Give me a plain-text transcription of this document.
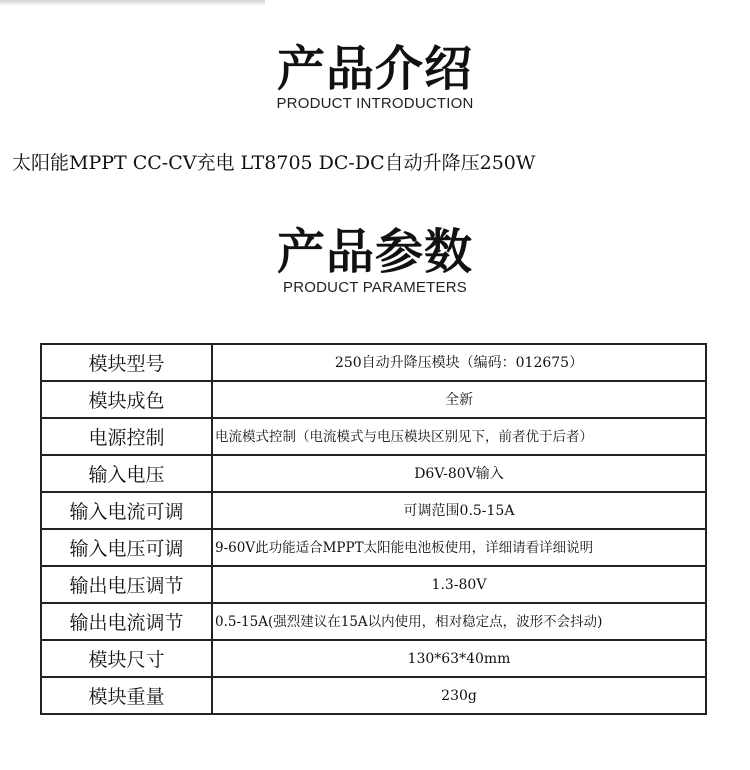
产品介绍
PRODUCT INTRODUCTION
太阳能MPPT CC-CV充电 LT8705 DC-DC自动升降压250W
产品参数
PRODUCT PARAMETERS
模块型号	250自动升降压模块（编码：012675）
模块成色	全新
电源控制	电流模式控制（电流模式与电压模块区别见下，前者优于后者）
输入电压	D6V-80V输入
输入电流可调	可调范围0.5-15A
输入电压可调	9-60V此功能适合MPPT太阳能电池板使用，详细请看详细说明
输出电压调节	1.3-80V
输出电流调节	0.5-15A(强烈建议在15A以内使用，相对稳定点，波形不会抖动)
模块尺寸	130*63*40mm
模块重量	230g
